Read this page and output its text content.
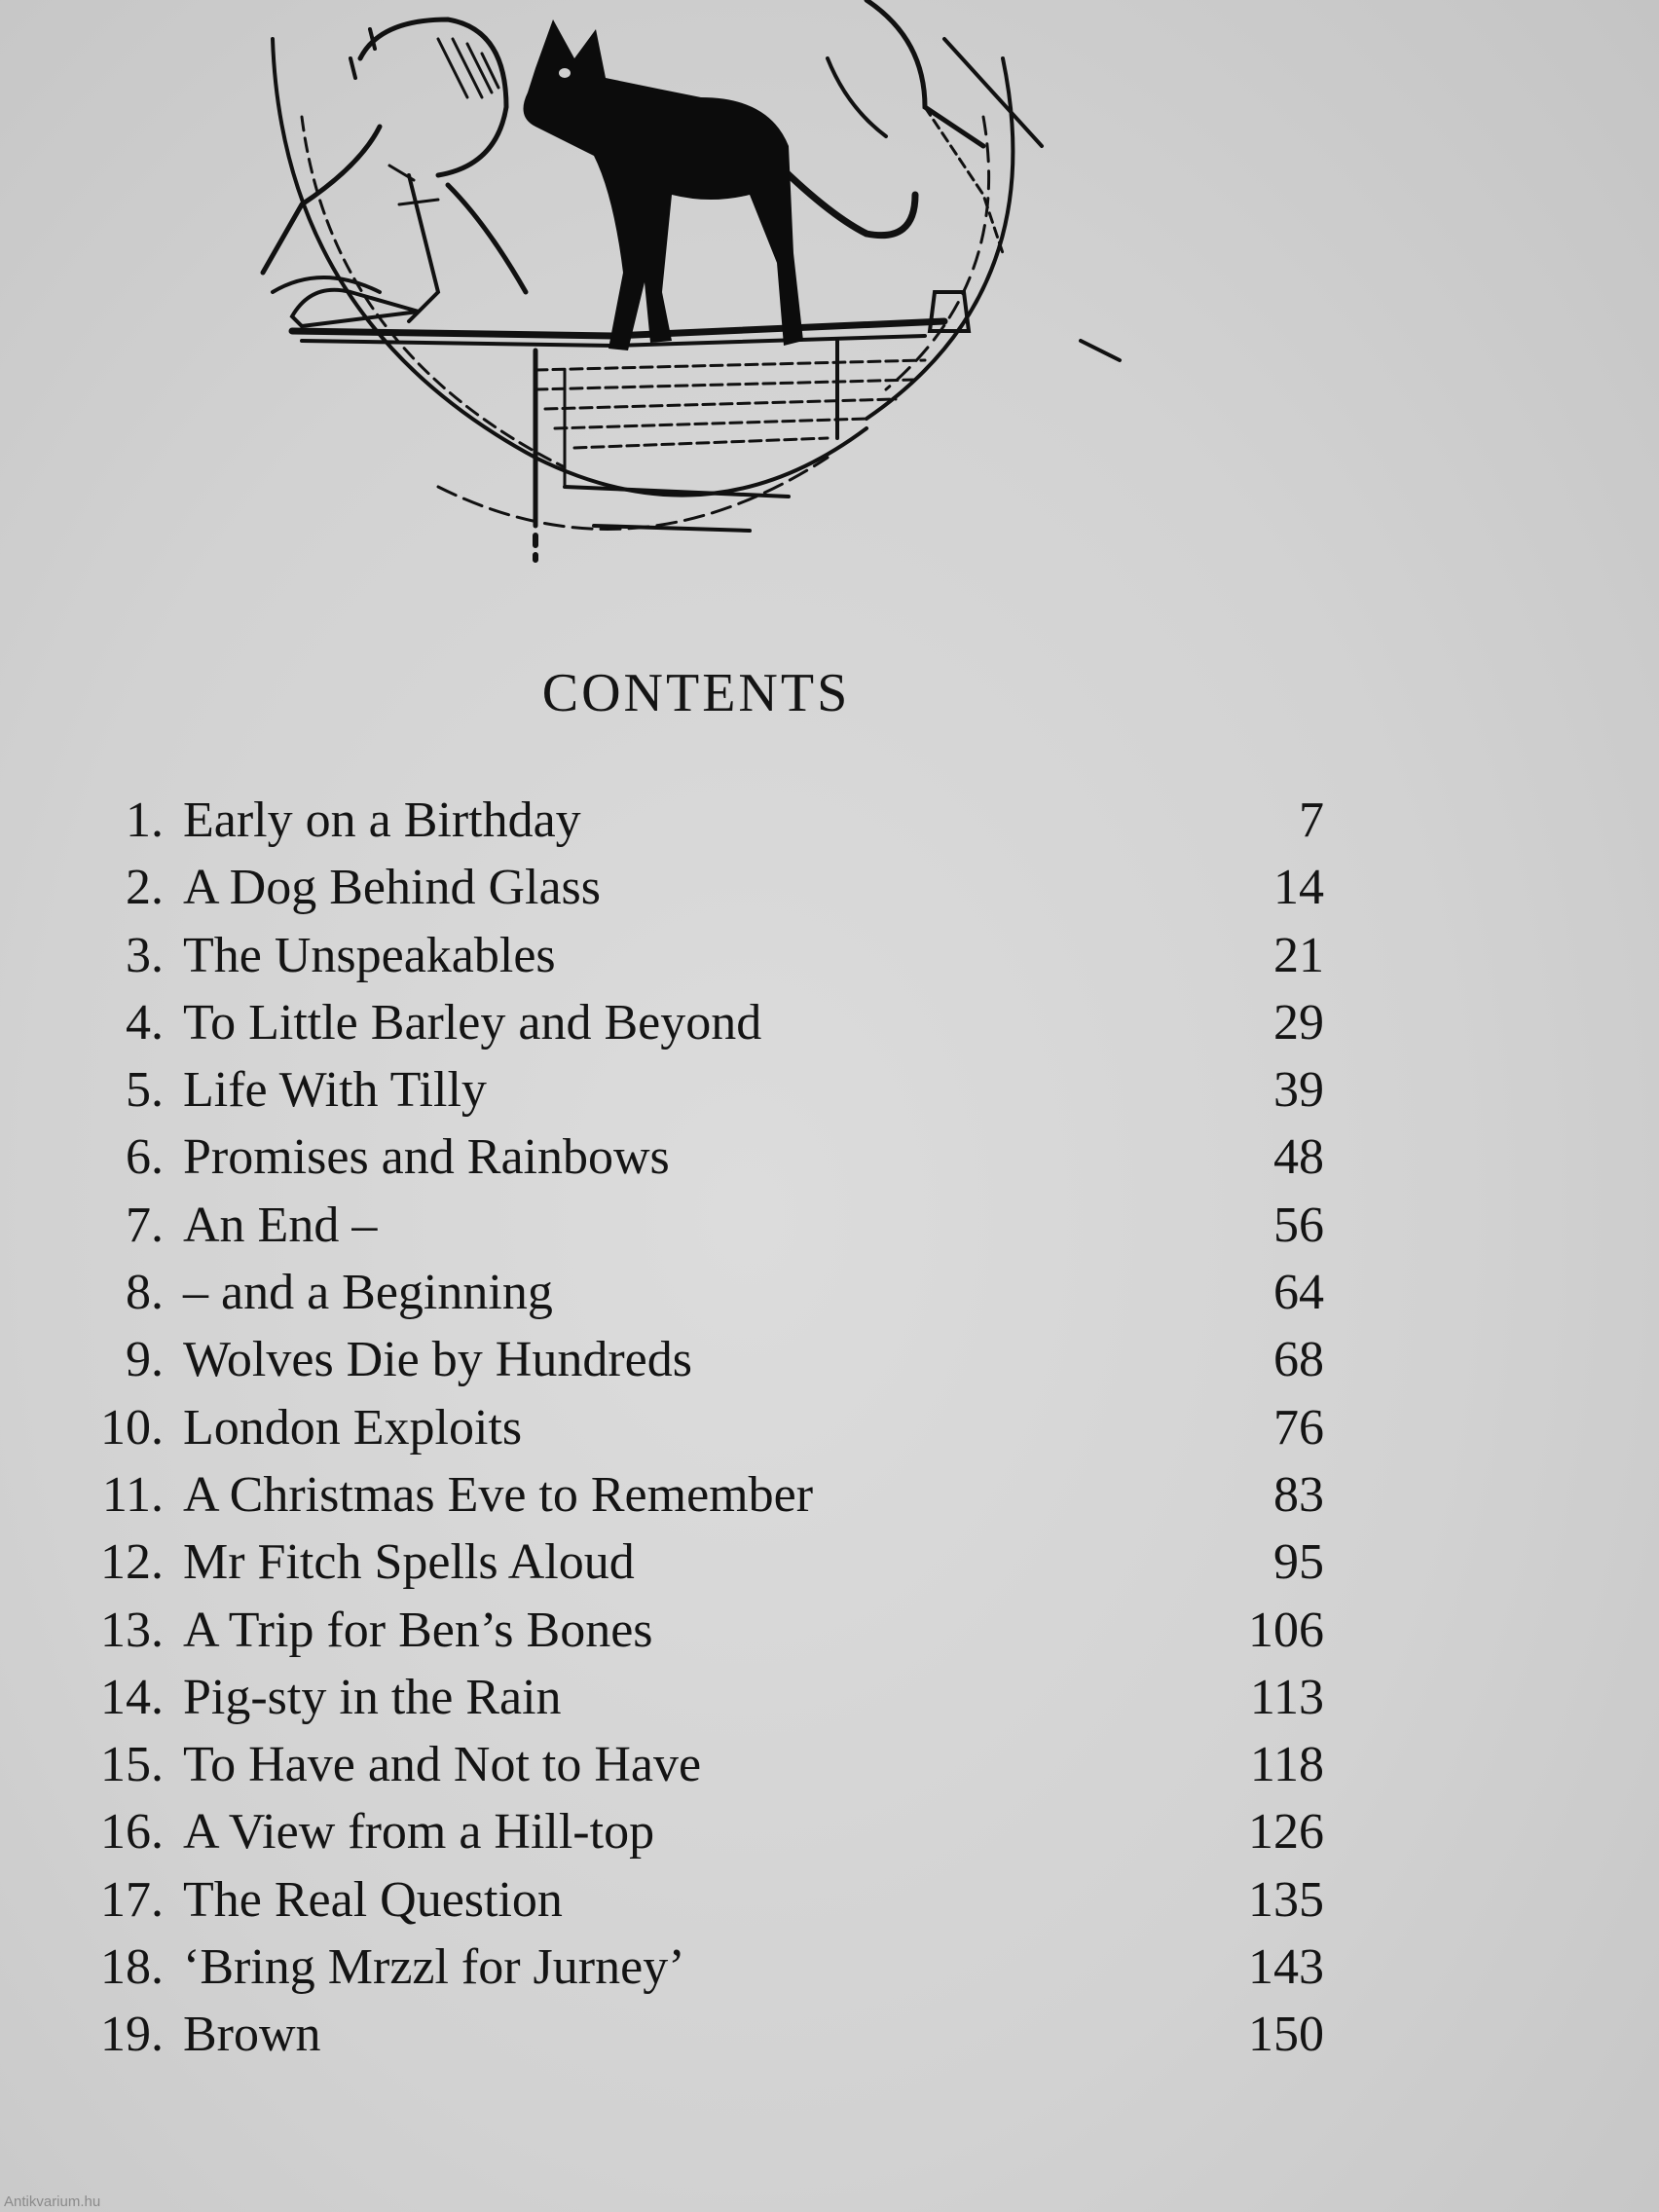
CONTENTS
1. Early on a Birthday	7
2. A Dog Behind Glass	14
3. The Unspeakables	21
4. To Little Barley and Beyond	29
5. Life With Tilly	39
6. Promises and Rainbows	48
7. An End –	56
8. – and a Beginning	64
9. Wolves Die by Hundreds	68
10. London Exploits	76
11. A Christmas Eve to Remember	83
12. Mr Fitch Spells Aloud	95
13. A Trip for Ben’s Bones	106
14. Pig-sty in the Rain	113
15. To Have and Not to Have	118
16. A View from a Hill-top	126
17. The Real Question	135
18. ‘Bring Mrzzl for Jurney’	143
19. Brown	150
Antikvarium.hu
